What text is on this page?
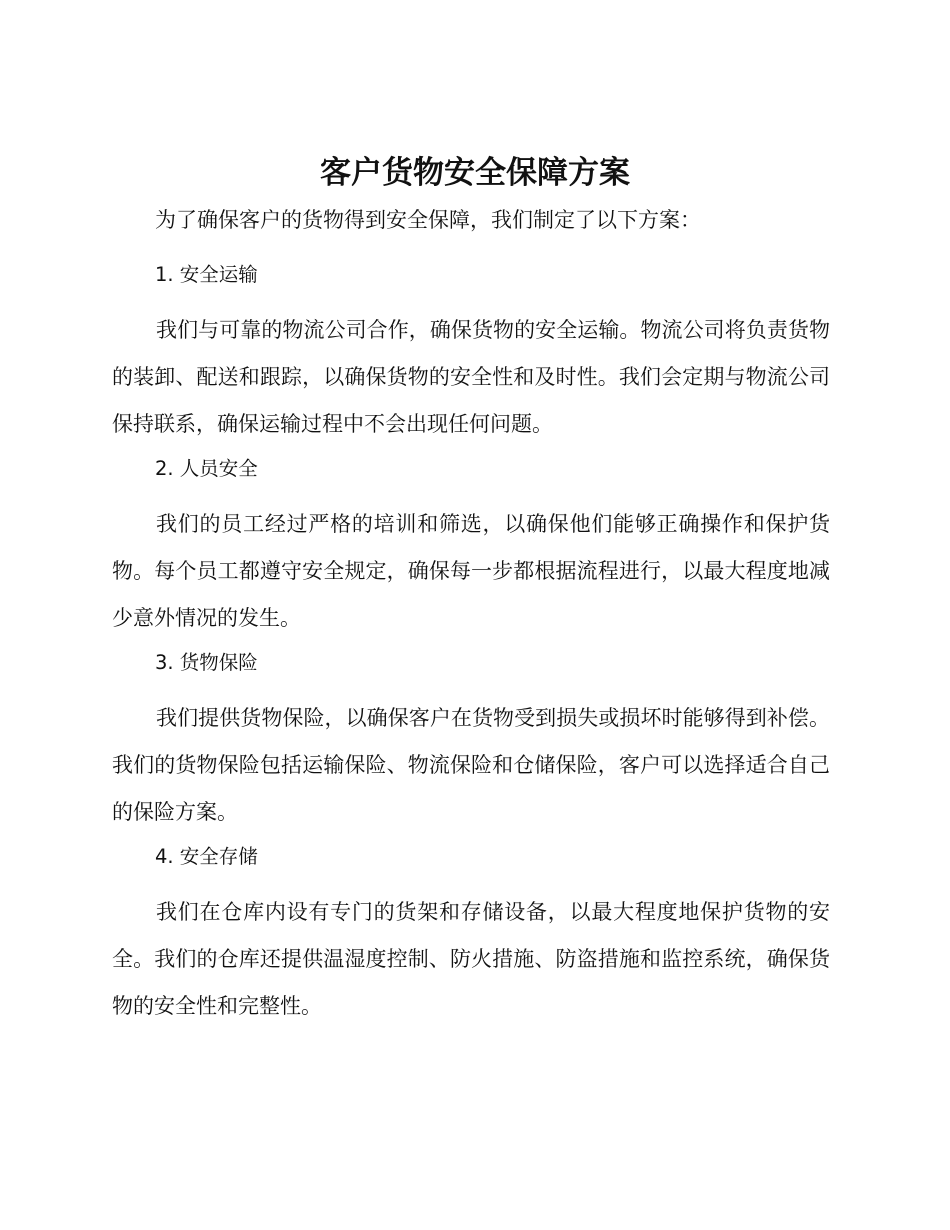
客户货物安全保障方案

为了确保客户的货物得到安全保障，我们制定了以下方案：

1. 安全运输

我们与可靠的物流公司合作，确保货物的安全运输。物流公司将负责货物的装卸、配送和跟踪，以确保货物的安全性和及时性。我们会定期与物流公司保持联系，确保运输过程中不会出现任何问题。

2. 人员安全

我们的员工经过严格的培训和筛选，以确保他们能够正确操作和保护货物。每个员工都遵守安全规定，确保每一步都根据流程进行，以最大程度地减少意外情况的发生。

3. 货物保险

我们提供货物保险，以确保客户在货物受到损失或损坏时能够得到补偿。我们的货物保险包括运输保险、物流保险和仓储保险，客户可以选择适合自己的保险方案。

4. 安全存储

我们在仓库内设有专门的货架和存储设备，以最大程度地保护货物的安全。我们的仓库还提供温湿度控制、防火措施、防盗措施和监控系统，确保货物的安全性和完整性。
